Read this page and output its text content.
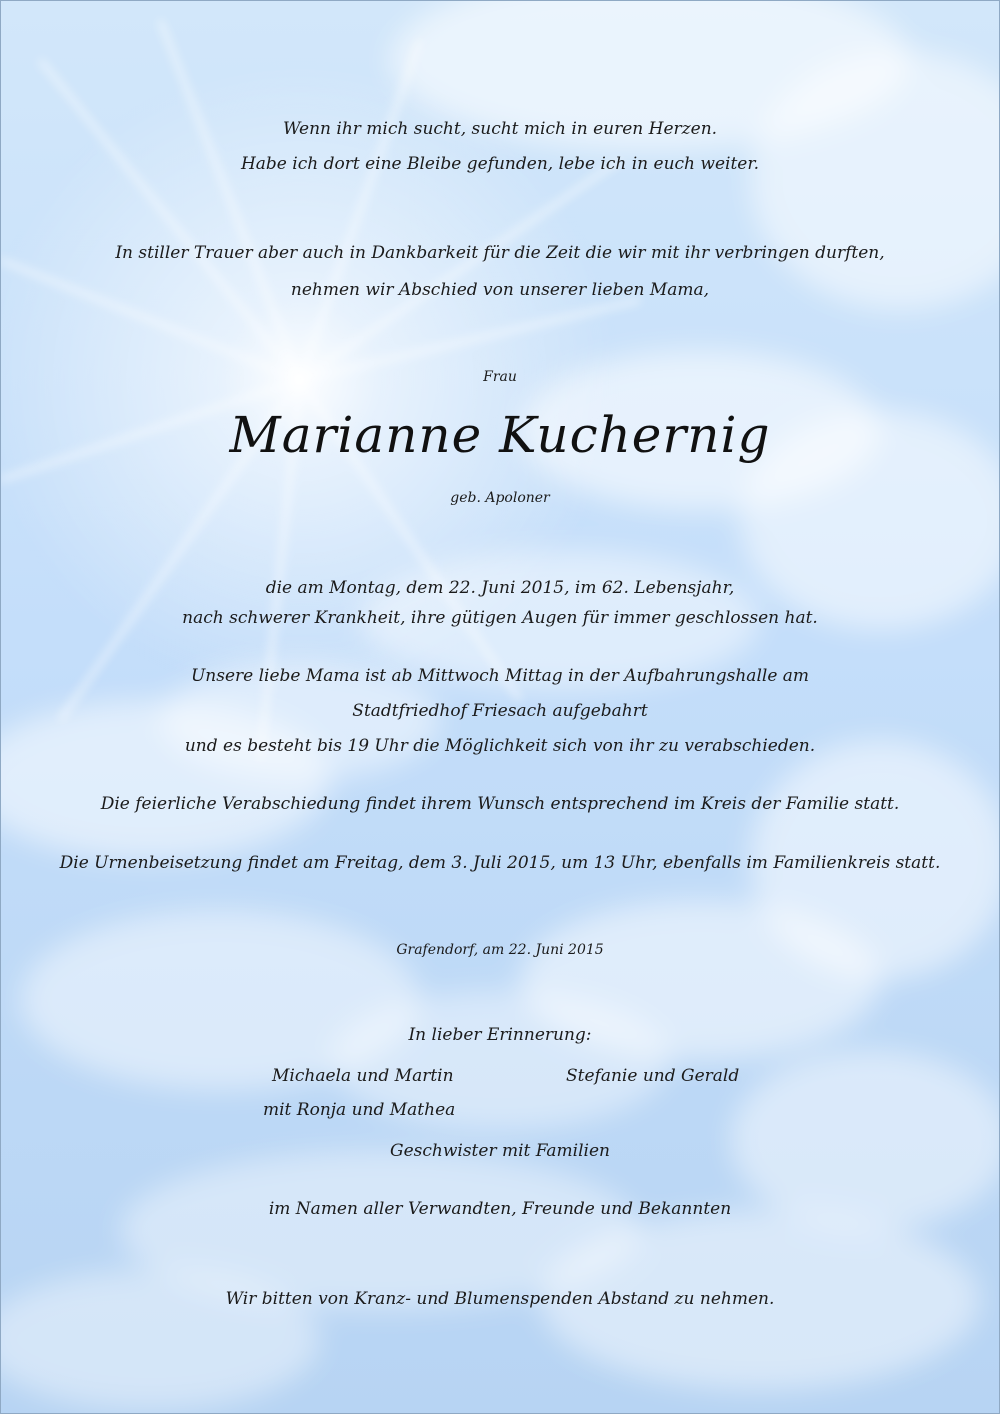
Wenn ihr mich sucht, sucht mich in euren Herzen.
Habe ich dort eine Bleibe gefunden, lebe ich in euch weiter.
In stiller Trauer aber auch in Dankbarkeit für die Zeit die wir mit ihr verbringen durften,
nehmen wir Abschied von unserer lieben Mama,
Frau
Marianne Kuchernig
geb. Apoloner
die am Montag, dem 22. Juni 2015, im 62. Lebensjahr,
nach schwerer Krankheit, ihre gütigen Augen für immer geschlossen hat.
Unsere liebe Mama ist ab Mittwoch Mittag in der Aufbahrungshalle am
Stadtfriedhof Friesach aufgebahrt
und es besteht bis 19 Uhr die Möglichkeit sich von ihr zu verabschieden.
Die feierliche Verabschiedung findet ihrem Wunsch entsprechend im Kreis der Familie statt.
Die Urnenbeisetzung findet am Freitag, dem 3. Juli 2015, um 13 Uhr, ebenfalls im Familienkreis statt.
Grafendorf, am 22. Juni 2015
In lieber Erinnerung:
Michaela und Martin
mit Ronja und Mathea
Stefanie und Gerald
Geschwister mit Familien
im Namen aller Verwandten, Freunde und Bekannten
Wir bitten von Kranz- und Blumenspenden Abstand zu nehmen.
